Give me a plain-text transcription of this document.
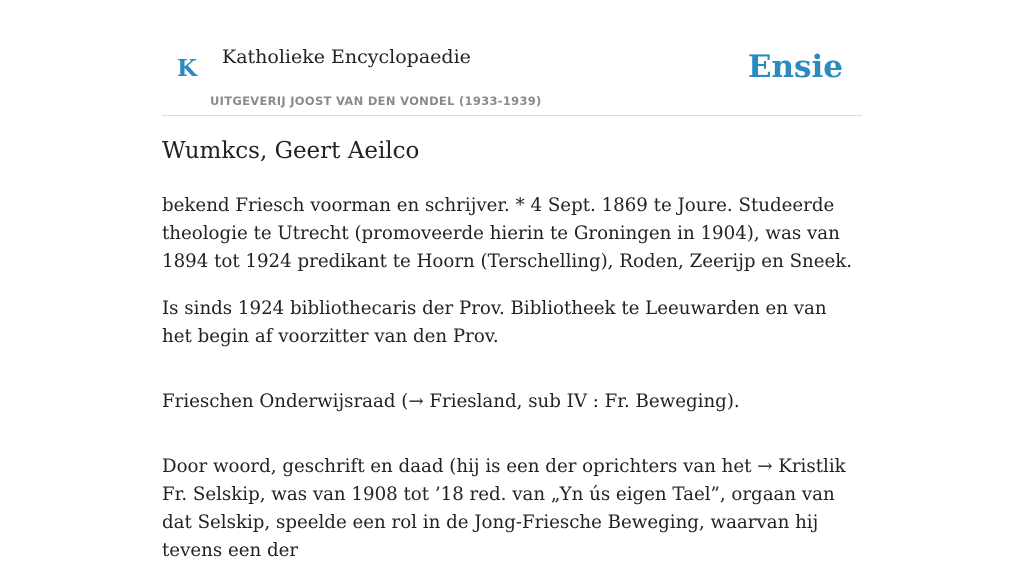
K Katholieke Encyclopaedie
UITGEVERIJ JOOST VAN DEN VONDEL (1933-1939)
Ensie
Wumkcs, Geert Aeilco

bekend Friesch voorman en schrijver. * 4 Sept. 1869 te Joure. Studeerde theologie te Utrecht (promoveerde hierin te Groningen in 1904), was van 1894 tot 1924 predikant te Hoorn (Terschelling), Roden, Zeerijp en Sneek.

Is sinds 1924 bibliothecaris der Prov. Bibliotheek te Leeuwarden en van het begin af voorzitter van den Prov.

Frieschen Onderwijsraad (→ Friesland, sub IV : Fr. Beweging).

Door woord, geschrift en daad (hij is een der oprichters van het → Kristlik Fr. Selskip, was van 1908 tot ’18 red. van „Yn ús eigen Tael”, orgaan van dat Selskip, speelde een rol in de Jong-Friesche Beweging, waarvan hij tevens een der
